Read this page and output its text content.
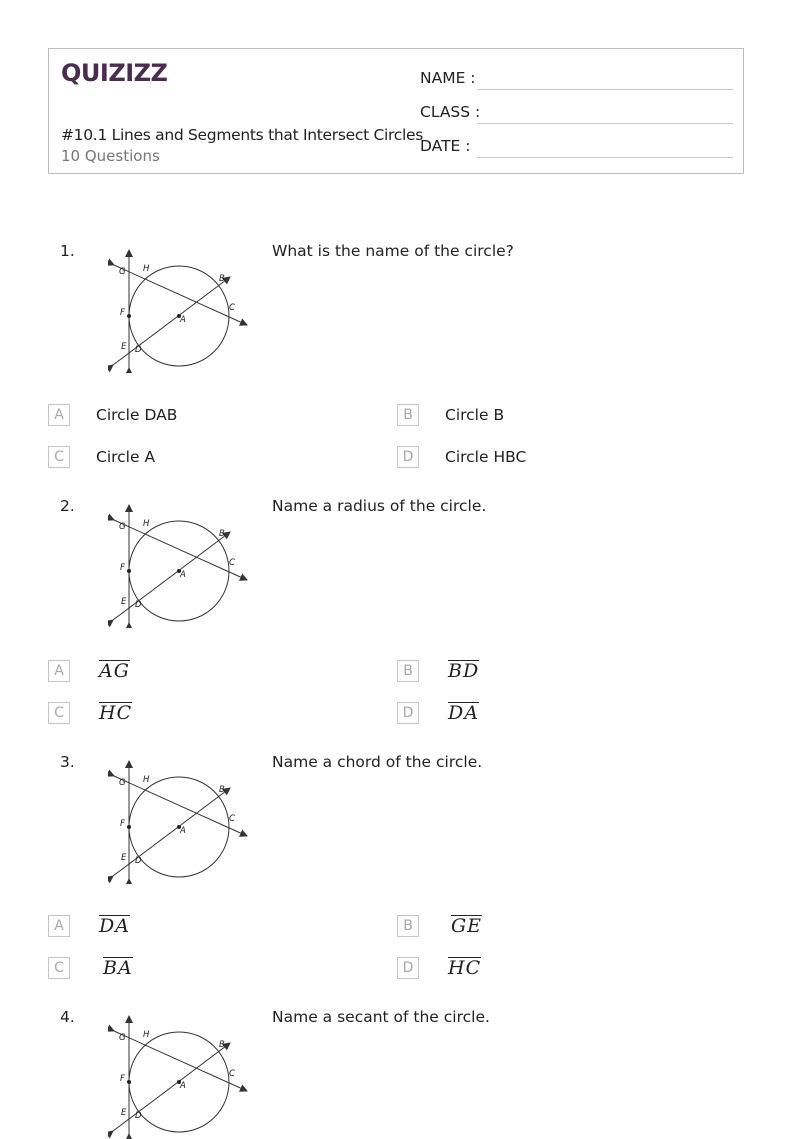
QUIZIZZ
#10.1 Lines and Segments that Intersect Circles
10 Questions
NAME :
CLASS :
DATE :
1.	What is the name of the circle?
G H
B
C
F
A
E D
A	Circle DAB	B	Circle B
C	Circle A	D	Circle HBC
2.	Name a radius of the circle.
G H
B
C
F
A
E D
A	AG	B	BD
C	HC	D DA
3.	Name a chord of the circle.
G H
B
C
F
A
E D
A	DA	B	GE
C	BA	D HC
4.	Name a secant of the circle.
G H
B
C
F
A
E D
